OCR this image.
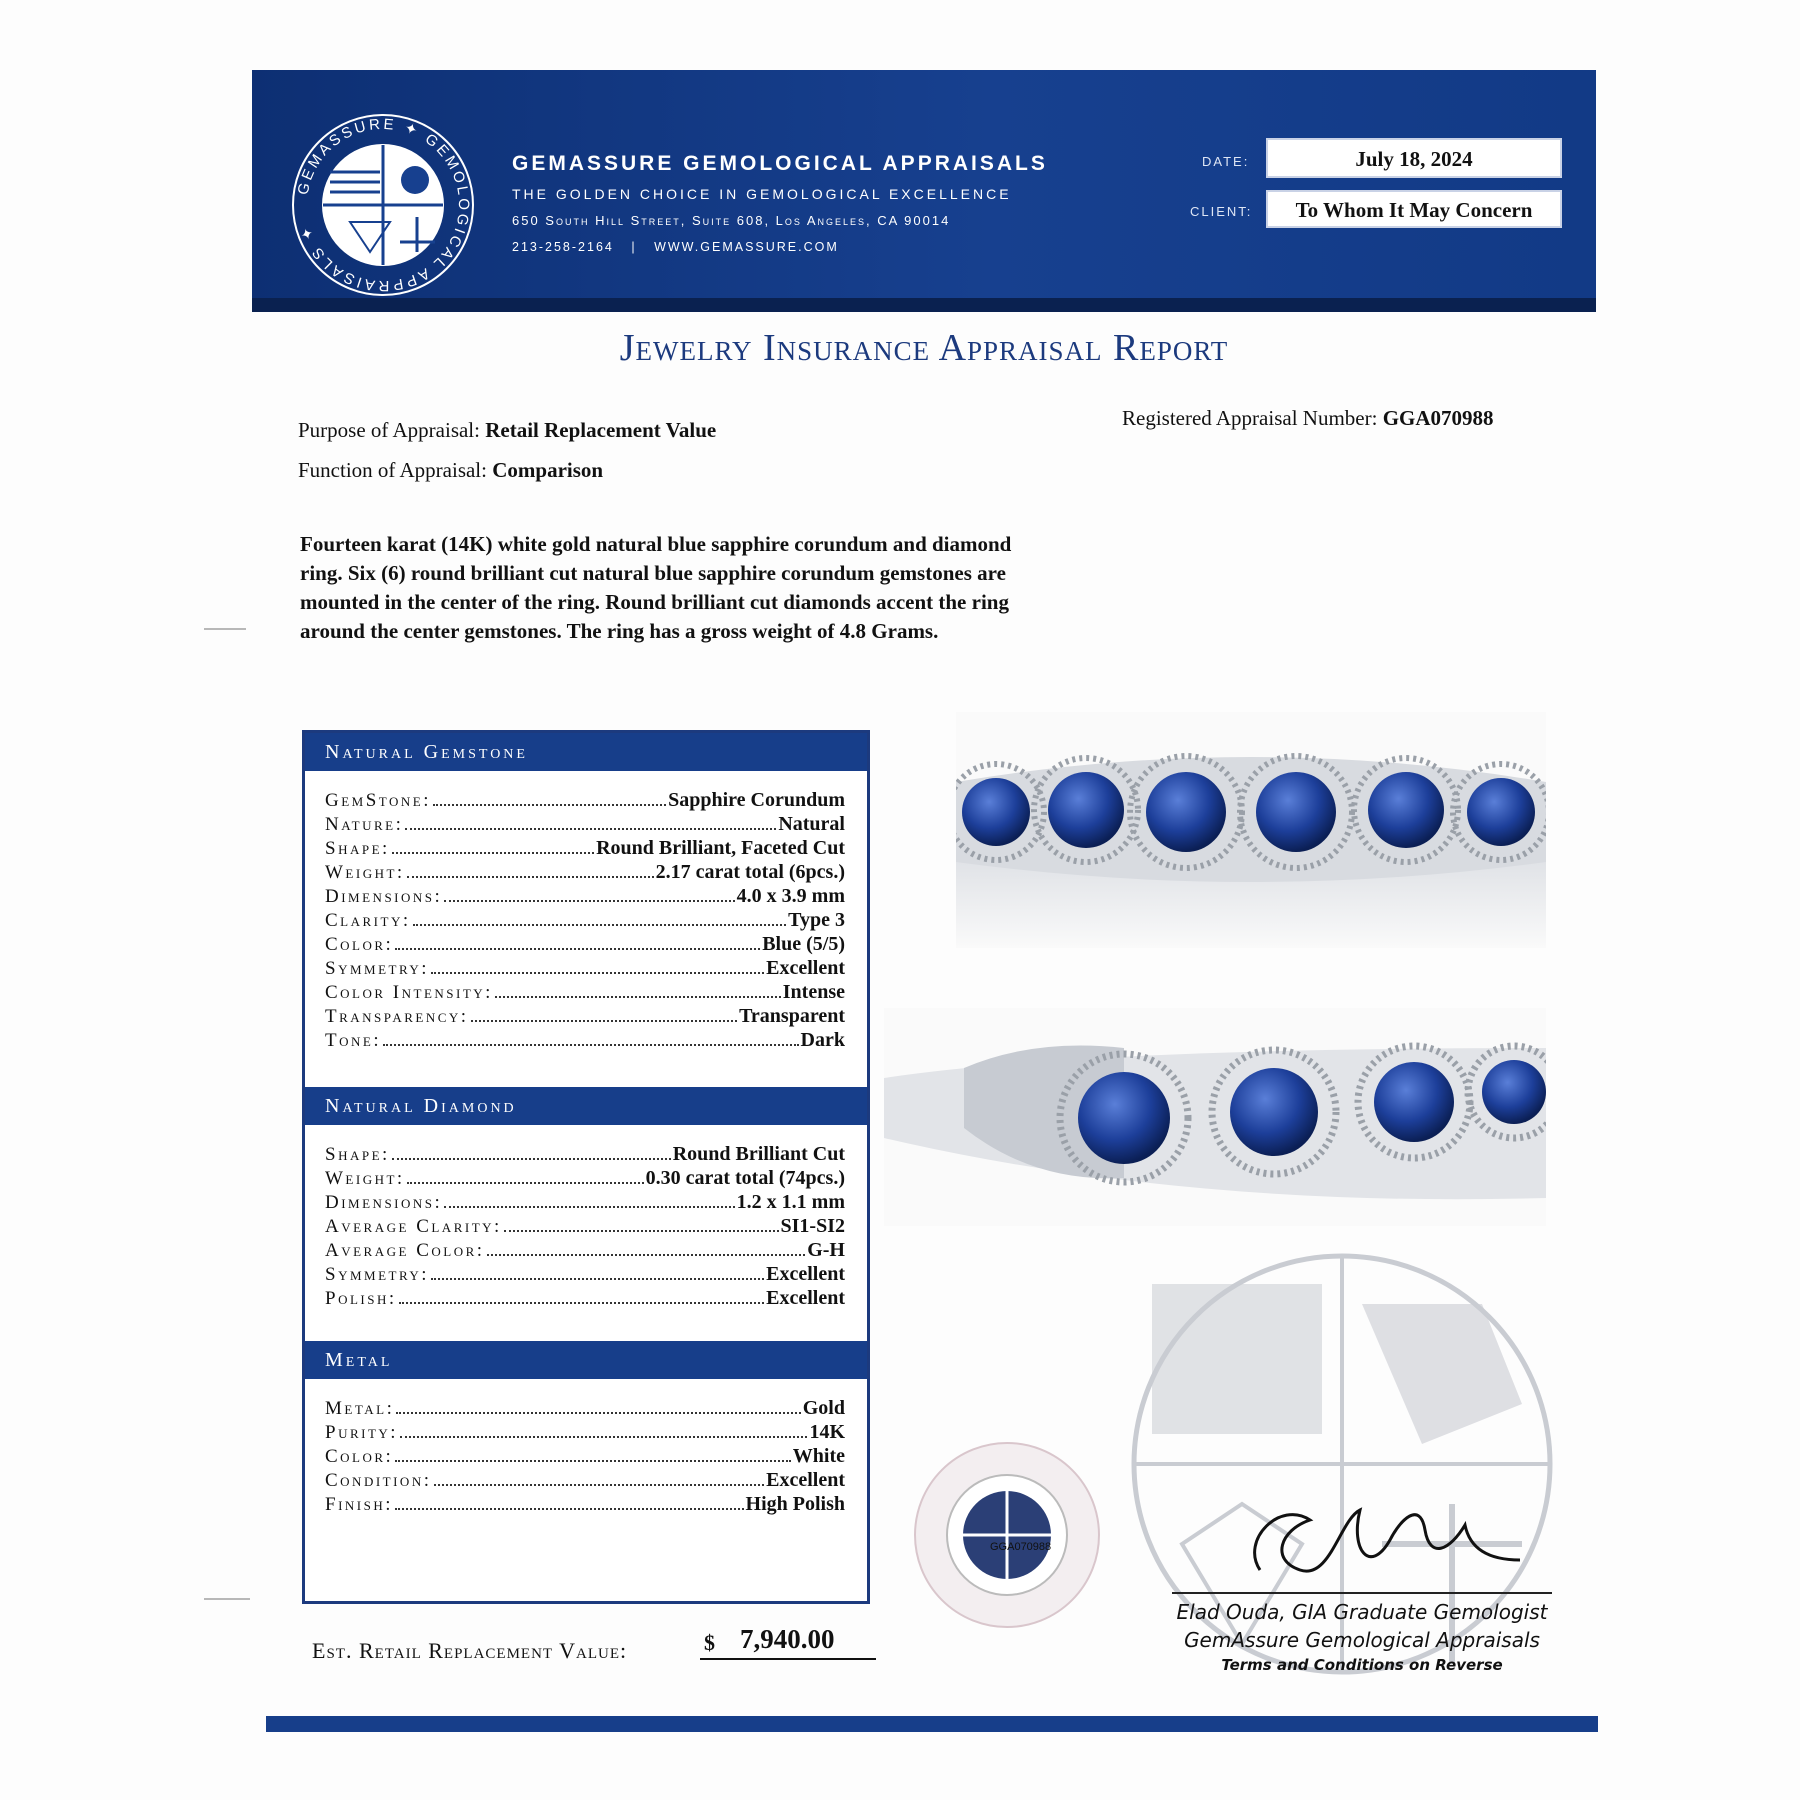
GEMASSURE ✦ GEMOLOGICAL APPRAISALS ✦
GEMASSURE GEMOLOGICAL APPRAISALS
THE GOLDEN CHOICE IN GEMOLOGICAL EXCELLENCE
650 South Hill Street, Suite 608, Los Angeles, CA 90014
213-258-2164 | WWW.GEMASSURE.COM
DATE:
CLIENT:
July 18, 2024
To Whom It May Concern
Jewelry Insurance Appraisal Report
Purpose of Appraisal: Retail Replacement Value
Function of Appraisal: Comparison
Registered Appraisal Number: GGA070988
Fourteen karat (14K) white gold natural blue sapphire corundum and diamond ring. Six (6) round brilliant cut natural blue sapphire corundum gemstones are mounted in the center of the ring. Round brilliant cut diamonds accent the ring around the center gemstones. The ring has a gross weight of 4.8 Grams.
Natural Gemstone
GemStone:	Sapphire Corundum
Nature:	Natural
Shape:	Round Brilliant, Faceted Cut
Weight:	2.17 carat total (6pcs.)
Dimensions:	4.0 x 3.9 mm
Clarity:	Type 3
Color:	Blue (5/5)
Symmetry:	Excellent
Color Intensity:	Intense
Transparency:	Transparent
Tone:	Dark
Natural Diamond
Shape:	Round Brilliant Cut
Weight:	0.30 carat total (74pcs.)
Dimensions:	1.2 x 1.1 mm
Average Clarity:	SI1-SI2
Average Color:	G-H
Symmetry:	Excellent
Polish:	Excellent
Metal
Metal:	Gold
Purity:	14K
Color:	White
Condition:	Excellent
Finish:	High Polish
GGA070988
Elad Ouda, GIA Graduate Gemologist
GemAssure Gemological Appraisals
Terms and Conditions on Reverse
Est. Retail Replacement Value:	$ 7,940.00
